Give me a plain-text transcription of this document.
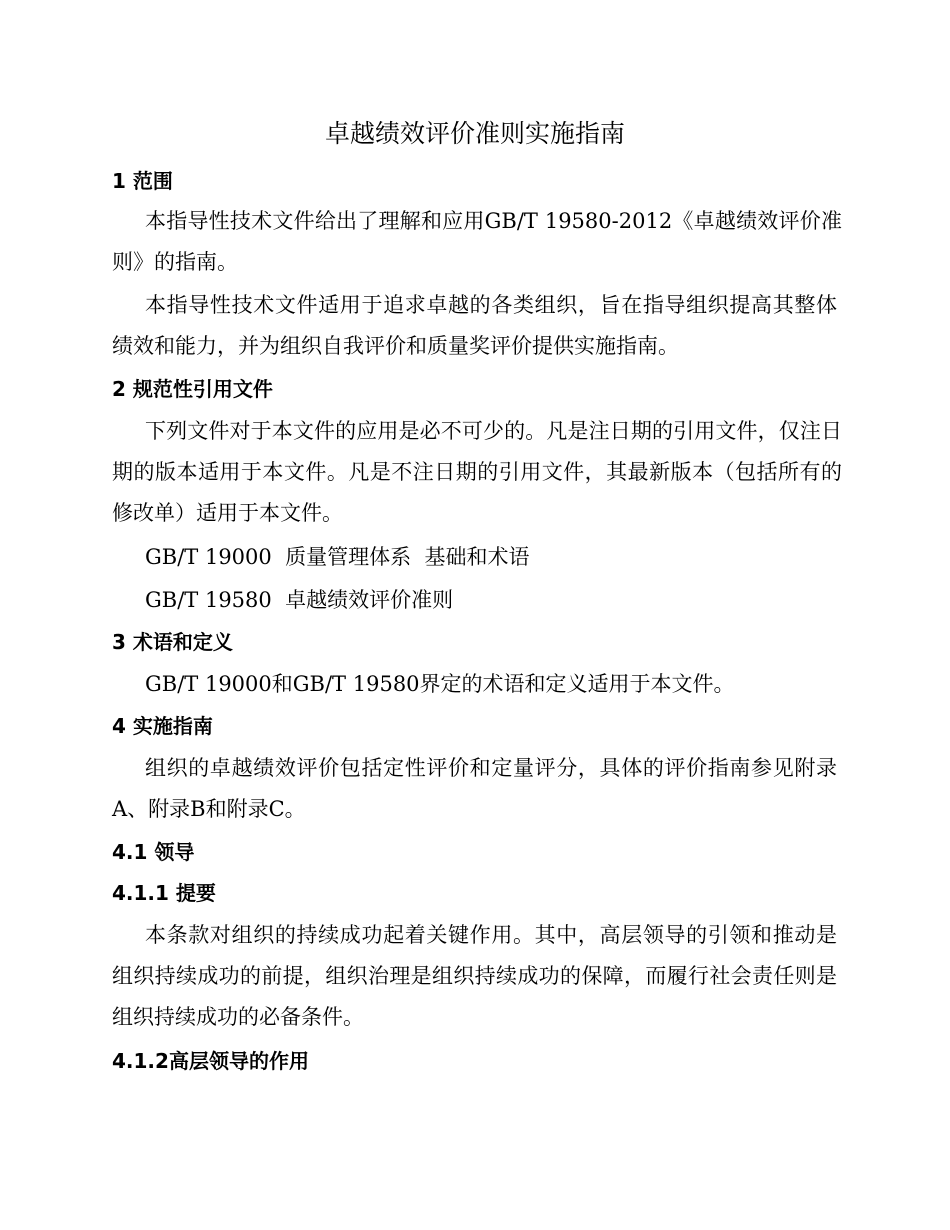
卓越绩效评价准则实施指南
1 范围

本指导性技术文件给出了理解和应用GB/T 19580-2012《卓越绩效评价准则》的指南。

本指导性技术文件适用于追求卓越的各类组织，旨在指导组织提高其整体绩效和能力，并为组织自我评价和质量奖评价提供实施指南。

2 规范性引用文件

下列文件对于本文件的应用是必不可少的。凡是注日期的引用文件，仅注日期的版本适用于本文件。凡是不注日期的引用文件，其最新版本（包括所有的修改单）适用于本文件。

GB/T 19000  质量管理体系  基础和术语

GB/T 19580  卓越绩效评价准则

3 术语和定义

GB/T 19000和GB/T 19580界定的术语和定义适用于本文件。

4 实施指南

组织的卓越绩效评价包括定性评价和定量评分，具体的评价指南参见附录A、附录B和附录C。

4.1 领导
4.1.1 提要

本条款对组织的持续成功起着关键作用。其中，高层领导的引领和推动是组织持续成功的前提，组织治理是组织持续成功的保障，而履行社会责任则是组织持续成功的必备条件。

4.1.2高层领导的作用
